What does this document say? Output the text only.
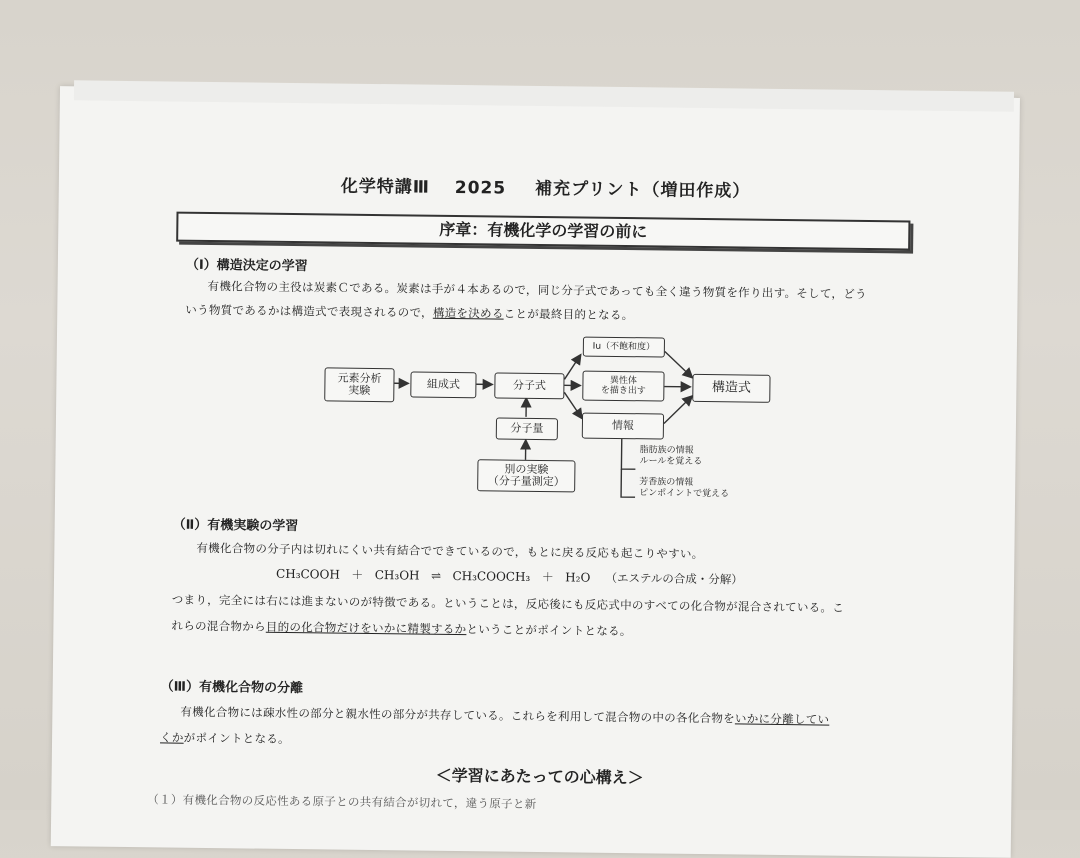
化学特講Ⅲ 2025 補充プリント（増田作成）
序章：有機化学の学習の前に
（Ⅰ）構造決定の学習
有機化合物の主役は炭素Ｃである。炭素は手が４本あるので，同じ分子式であっても全く違う物質を作り出す。そして，どう
いう物質であるかは構造式で表現されるので，構造を決めることが最終目的となる。
元素分析
実験	組成式	分子式
Iu（不飽和度）
異性体
を描き出す
情報
構造式
分子量
別の実験
（分子量測定）
脂肪族の情報
ルールを覚える
芳香族の情報
ピンポイントで覚える
（Ⅱ）有機実験の学習
有機化合物の分子内は切れにくい共有結合でできているので，もとに戻る反応も起こりやすい。
CH₃COOH ＋ CH₃OH ⇌ CH₃COOCH₃ ＋ H₂O （エステルの合成・分解）
つまり，完全には右には進まないのが特徴である。ということは，反応後にも反応式中のすべての化合物が混合されている。こ
れらの混合物から目的の化合物だけをいかに精製するかということがポイントとなる。
（Ⅲ）有機化合物の分離
有機化合物には疎水性の部分と親水性の部分が共存している。これらを利用して混合物の中の各化合物をいかに分離してい
くかがポイントとなる。
＜学習にあたっての心構え＞
（１）有機化合物の反応性ある原子との共有結合が切れて，違う原子と新
